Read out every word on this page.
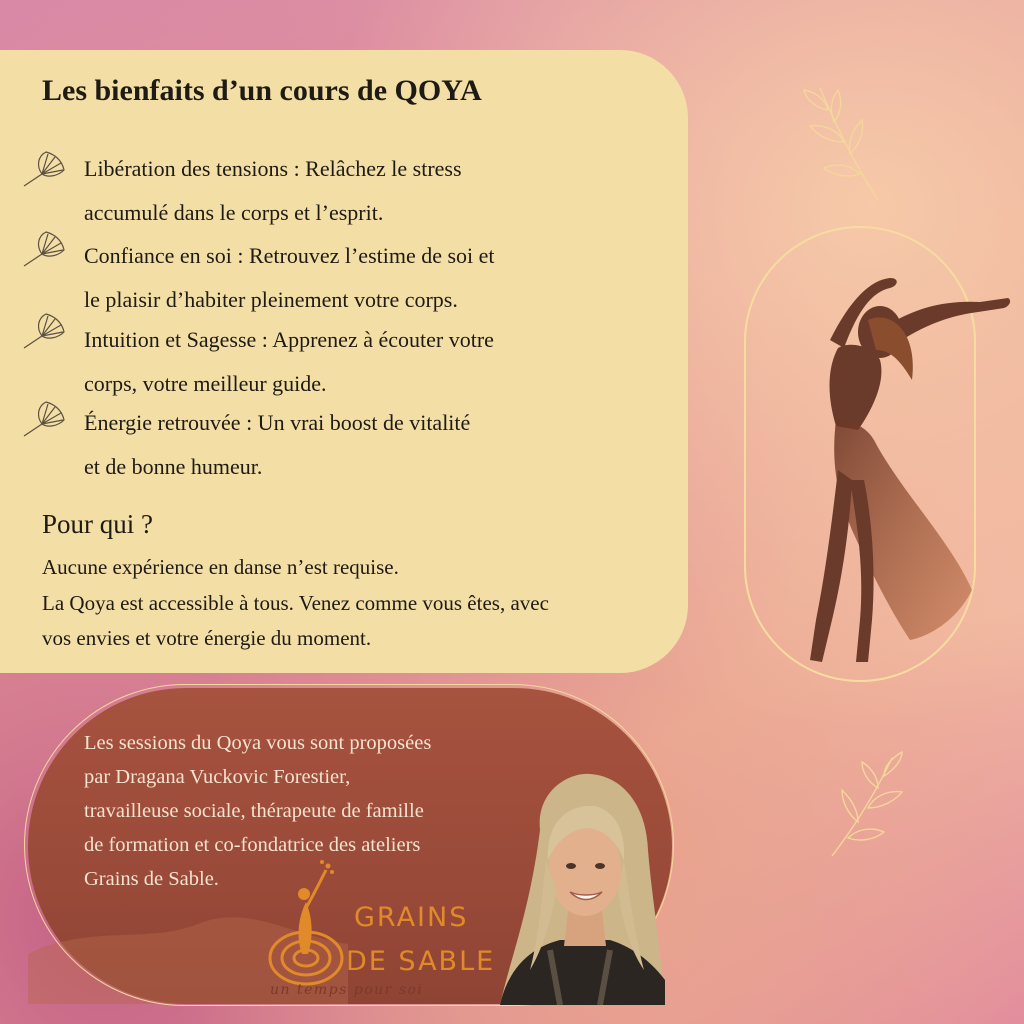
Les bienfaits d’un cours de QOYA
Libération des tensions : Relâchez le stress
accumulé dans le corps et l’esprit.
Confiance en soi : Retrouvez l’estime de soi et
le plaisir d’habiter pleinement votre corps.
Intuition et Sagesse : Apprenez à écouter votre
corps, votre meilleur guide.
Énergie retrouvée : Un vrai boost de vitalité
et de bonne humeur.
Pour qui ?
Aucune expérience en danse n’est requise.
La Qoya est accessible à tous. Venez comme vous êtes, avec
vos envies et votre énergie du moment.
Les sessions du Qoya vous sont proposées
par Dragana Vuckovic Forestier,
travailleuse sociale, thérapeute de famille
de formation et co-fondatrice des ateliers
Grains de Sable.
GRAINS
DE SABLE
un temps pour soi
